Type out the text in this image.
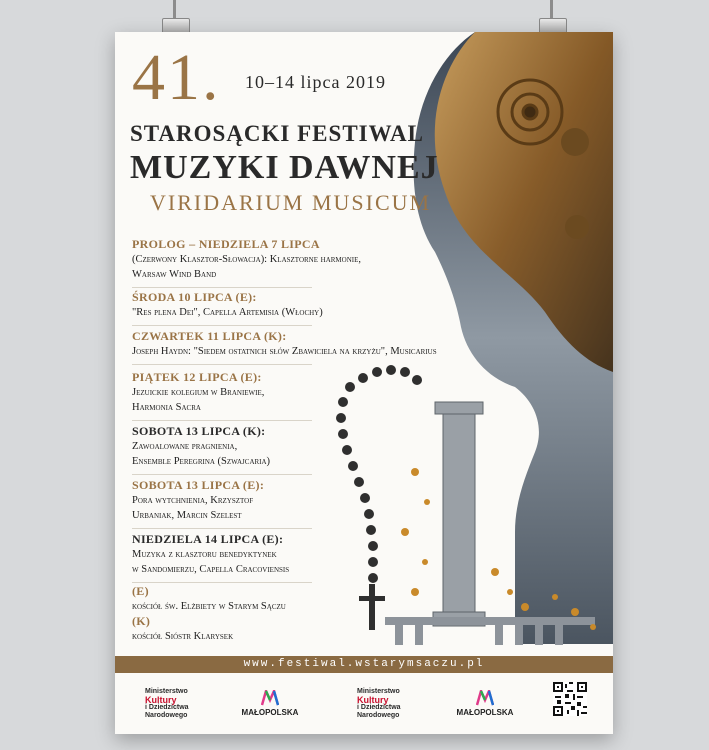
41. 10–14 lipca 2019
STAROSĄCKI FESTIWAL
MUZYKI DAWNEJ
VIRIDARIUM MUSICUM
PROLOG – NIEDZIELA 7 LIPCA
(Czerwony Klasztor-Słowacja): Klasztorne harmonie,
Warsaw Wind Band
ŚRODA 10 LIPCA (E):
"Res plena Dei", Capella Artemisia (Włochy)
CZWARTEK 11 LIPCA (K):
Joseph Haydn: "Siedem ostatnich słów Zbawiciela na krzyżu", Musicarius
PIĄTEK 12 LIPCA (E):
Jezuickie kolegium w Braniewie,
Harmonia Sacra
SOBOTA 13 LIPCA (K):
Zawoalowane pragnienia,
Ensemble Peregrina (Szwajcaria)
SOBOTA 13 LIPCA (E):
Pora wytchnienia, Krzysztof
Urbaniak, Marcin Szelest
NIEDZIELA 14 LIPCA (E):
Muzyka z klasztoru benedyktynek
w Sandomierzu, Capella Cracoviensis
(E)
kościół św. Elżbiety w Starym Sączu
(K)
kościół Sióstr Klarysek
www.festiwal.wstarymsaczu.pl
Ministerstwo
Kultury
i Dziedzictwa
Narodowego	MAŁOPOLSKA
Ministerstwo
Kultury
i Dziedzictwa
Narodowego	MAŁOPOLSKA
